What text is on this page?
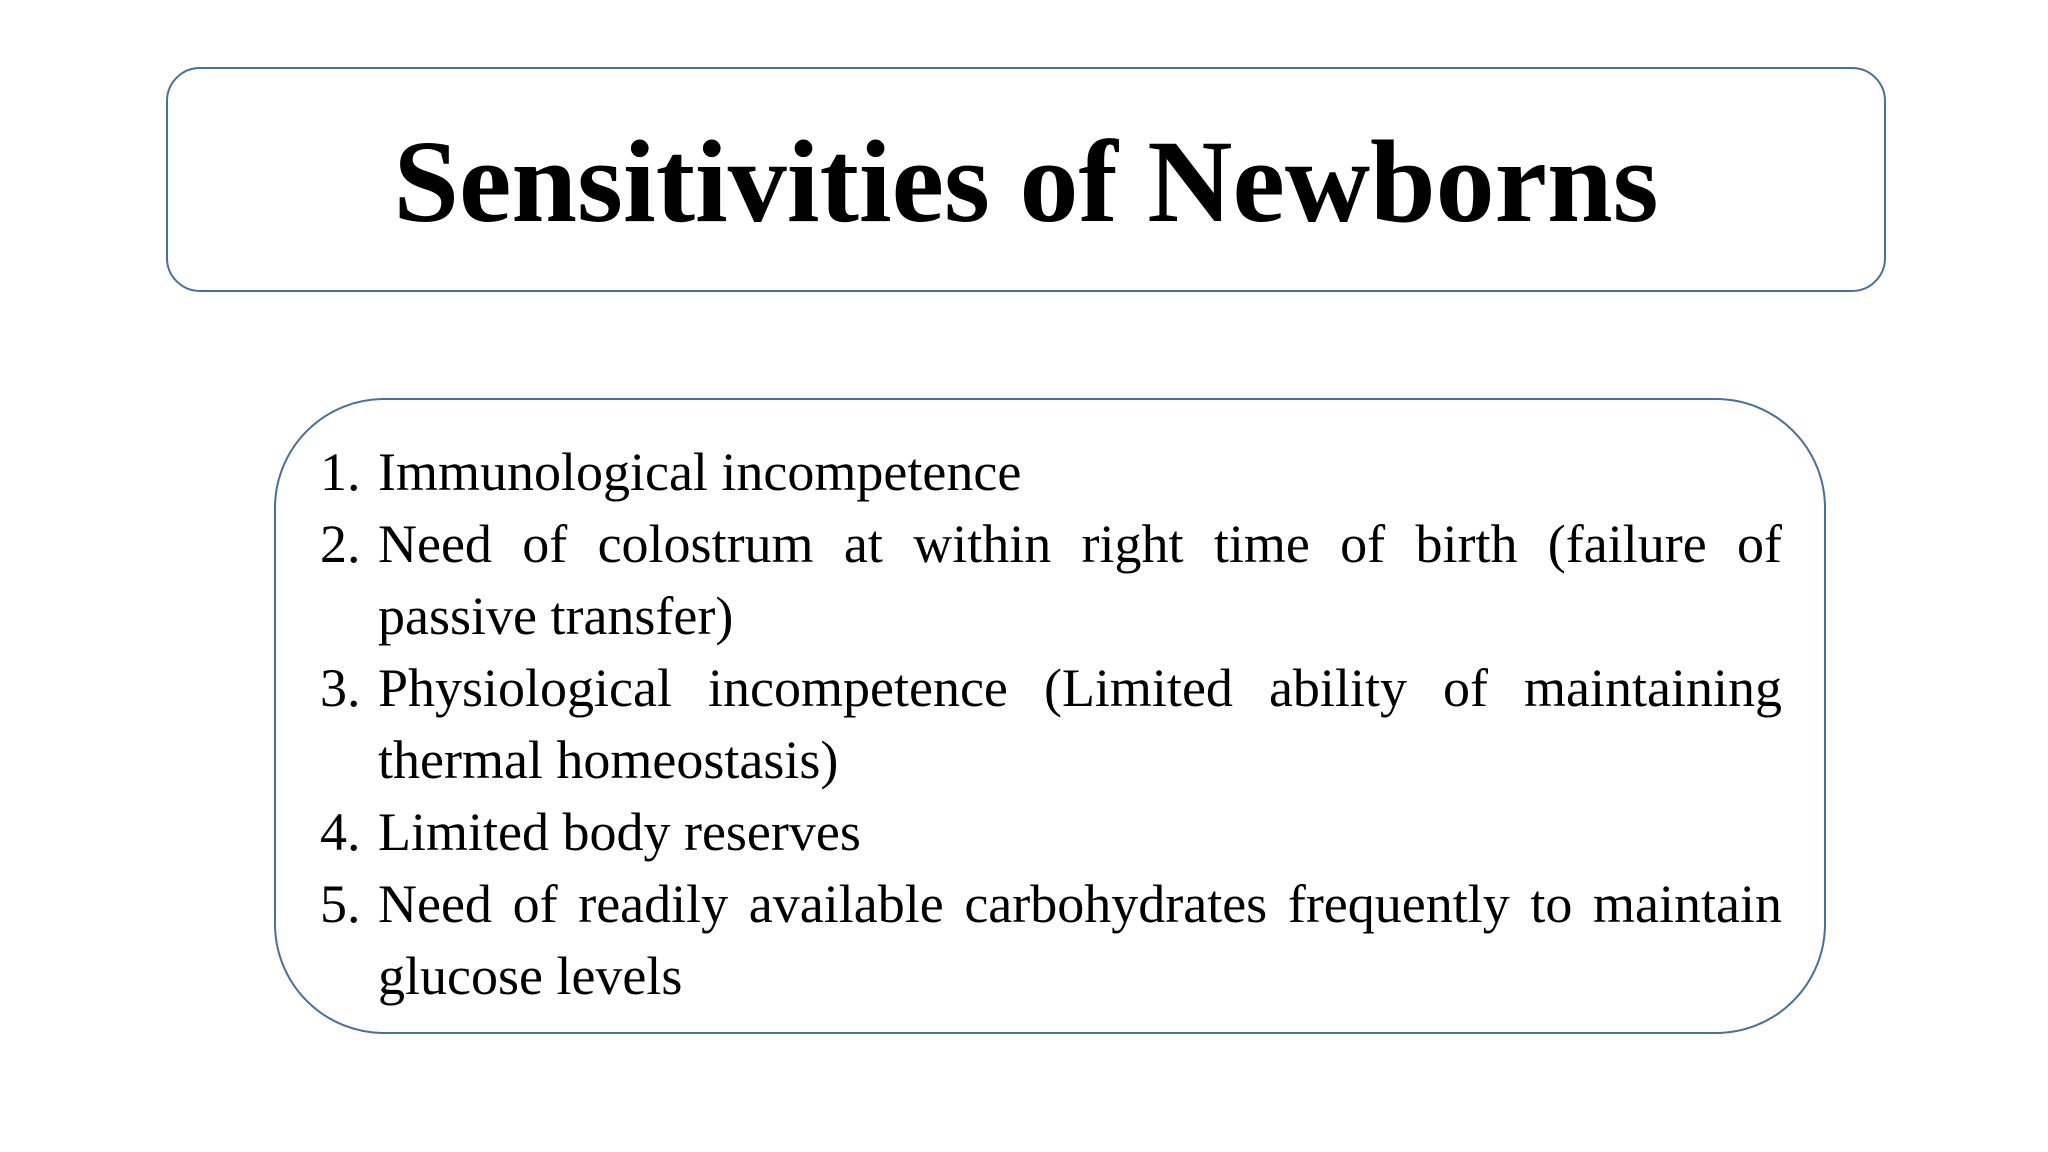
Sensitivities of Newborns
1. Immunological incompetence
2. Need of colostrum at within right time of birth (failure of passive transfer)
3. Physiological incompetence (Limited ability of maintaining thermal homeostasis)
4. Limited body reserves
5. Need of readily available carbohydrates frequently to maintain glucose levels
